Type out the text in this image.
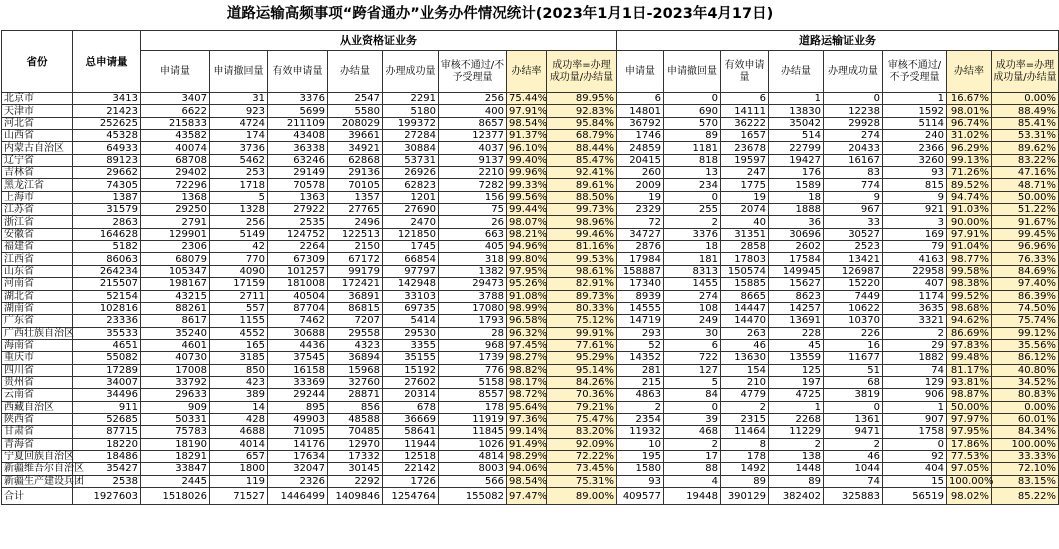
道路运输高频事项“跨省通办”业务办件情况统计(2023年1月1日-2023年4月17日)
省份	总申请量	从业资格证业务								道路运输证业务							
		申请量	申请撤回量	有效申请量	办结量	办理成功量	审核不通过/不予受理量	办结率	成功率=办理成功量/办结量	申请量	申请撤回量	有效申请量	办结量	办理成功量	审核不通过/不予受理量	办结率	成功率=办理成功量/办结量
北京市	3413	3407	31	3376	2547	2291	256	75.44%	89.95%	6	0	6	1	0	1	16.67%	0.00%
天津市	21423	6622	923	5699	5580	5180	400	97.91%	92.83%	14801	690	14111	13830	12238	1592	98.01%	88.49%
河北省	252625	215833	4724	211109	208029	199372	8657	98.54%	95.84%	36792	570	36222	35042	29928	5114	96.74%	85.41%
山西省	45328	43582	174	43408	39661	27284	12377	91.37%	68.79%	1746	89	1657	514	274	240	31.02%	53.31%
内蒙古自治区	64933	40074	3736	36338	34921	30884	4037	96.10%	88.44%	24859	1181	23678	22799	20433	2366	96.29%	89.62%
辽宁省	89123	68708	5462	63246	62868	53731	9137	99.40%	85.47%	20415	818	19597	19427	16167	3260	99.13%	83.22%
吉林省	29662	29402	253	29149	29136	26926	2210	99.96%	92.41%	260	13	247	176	83	93	71.26%	47.16%
黑龙江省	74305	72296	1718	70578	70105	62823	7282	99.33%	89.61%	2009	234	1775	1589	774	815	89.52%	48.71%
上海市	1387	1368	5	1363	1357	1201	156	99.56%	88.50%	19	0	19	18	9	9	94.74%	50.00%
江苏省	31579	29250	1328	27922	27765	27690	75	99.44%	99.73%	2329	255	2074	1888	967	921	91.03%	51.22%
浙江省	2863	2791	256	2535	2496	2470	26	98.07%	98.96%	72	2	40	36	33	3	90.00%	91.67%
安徽省	164628	129901	5149	124752	122513	121850	663	98.21%	99.46%	34727	3376	31351	30696	30527	169	97.91%	99.45%
福建省	5182	2306	42	2264	2150	1745	405	94.96%	81.16%	2876	18	2858	2602	2523	79	91.04%	96.96%
江西省	86063	68079	770	67309	67172	66854	318	99.80%	99.53%	17984	181	17803	17584	13421	4163	98.77%	76.33%
山东省	264234	105347	4090	101257	99179	97797	1382	97.95%	98.61%	158887	8313	150574	149945	126987	22958	99.58%	84.69%
河南省	215507	198167	17159	181008	172421	142948	29473	95.26%	82.91%	17340	1455	15885	15627	15220	407	98.38%	97.40%
湖北省	52154	43215	2711	40504	36891	33103	3788	91.08%	89.73%	8939	274	8665	8623	7449	1174	99.52%	86.39%
湖南省	102816	88261	557	87704	86815	69735	17080	98.99%	80.33%	14555	108	14447	14257	10622	3635	98.68%	74.50%
广东省	23336	8617	1155	7462	7207	5414	1793	96.58%	75.12%	14719	249	14470	13691	10370	3321	94.62%	75.74%
广西壮族自治区	35533	35240	4552	30688	29558	29530	28	96.32%	99.91%	293	30	263	228	226	2	86.69%	99.12%
海南省	4651	4601	165	4436	4323	3355	968	97.45%	77.61%	52	6	46	45	16	29	97.83%	35.56%
重庆市	55082	40730	3185	37545	36894	35155	1739	98.27%	95.29%	14352	722	13630	13559	11677	1882	99.48%	86.12%
四川省	17289	17008	850	16158	15968	15192	776	98.82%	95.14%	281	127	154	125	51	74	81.17%	40.80%
贵州省	34007	33792	423	33369	32760	27602	5158	98.17%	84.26%	215	5	210	197	68	129	93.81%	34.52%
云南省	34496	29633	389	29244	28871	20314	8557	98.72%	70.36%	4863	84	4779	4725	3819	906	98.87%	80.83%
西藏自治区	911	909	14	895	856	678	178	95.64%	79.21%	2	0	2	1	0	1	50.00%	0.00%
陕西省	52685	50331	428	49903	48588	36669	11919	97.36%	75.47%	2354	39	2315	2268	1361	907	97.97%	60.01%
甘肃省	87715	75783	4688	71095	70485	58641	11845	99.14%	83.20%	11932	468	11464	11229	9471	1758	97.95%	84.34%
青海省	18220	18190	4014	14176	12970	11944	1026	91.49%	92.09%	10	2	8	2	2	0	17.86%	100.00%
宁夏回族自治区	18486	18291	657	17634	17332	12518	4814	98.29%	72.22%	195	17	178	138	46	92	77.53%	33.33%
新疆维吾尔自治区	35427	33847	1800	32047	30145	22142	8003	94.06%	73.45%	1580	88	1492	1448	1044	404	97.05%	72.10%
新疆生产建设兵团	2538	2445	119	2326	2292	1726	566	98.54%	75.31%	93	4	89	89	74	15	100.00%	83.15%
合计	1927603	1518026	71527	1446499	1409846	1254764	155082	97.47%	89.00%	409577	19448	390129	382402	325883	56519	98.02%	85.22%
